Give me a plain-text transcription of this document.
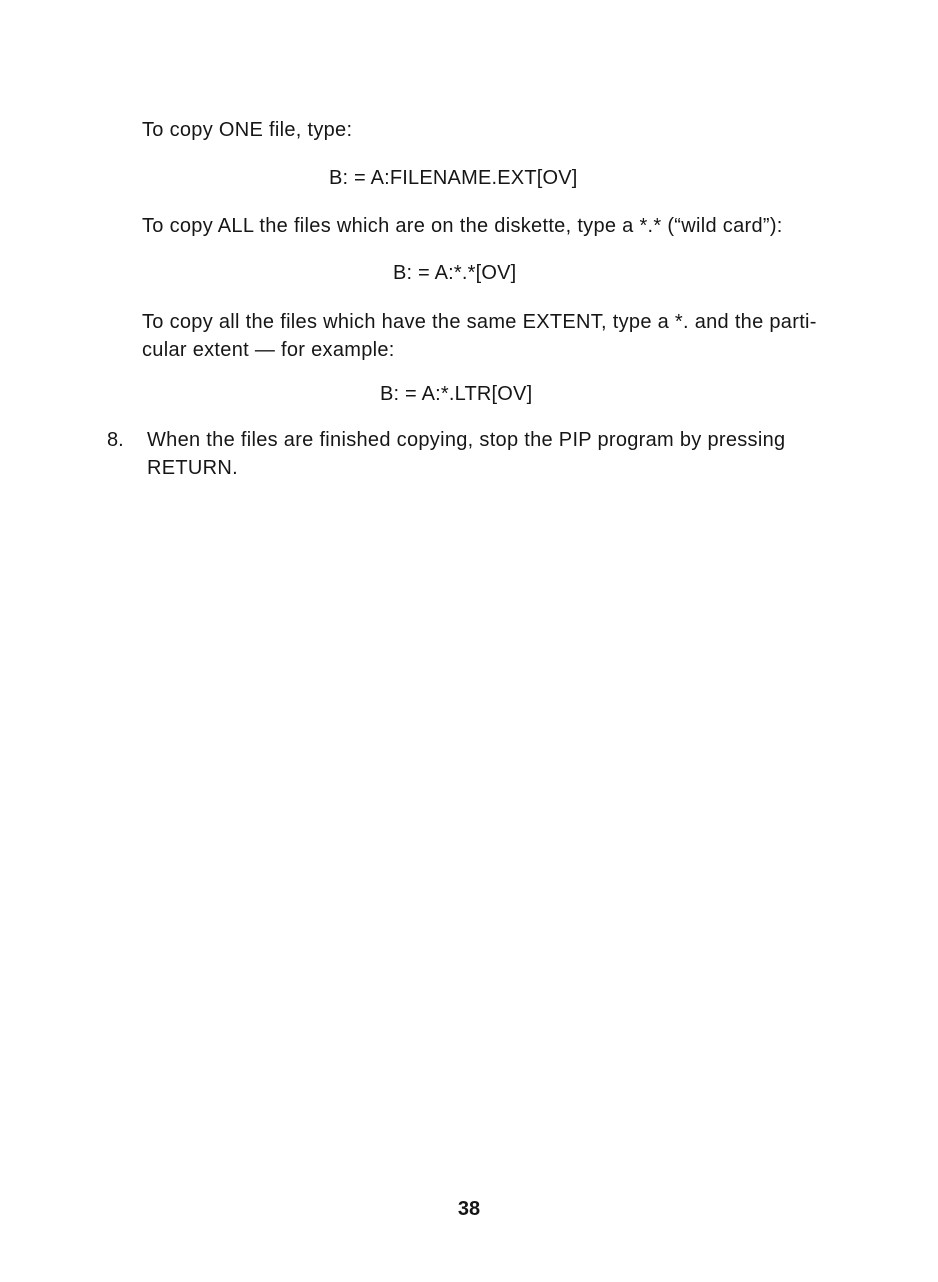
To copy ONE file, type:

B: = A:FILENAME.EXT[OV]

To copy ALL the files which are on the diskette, type a *.* (“wild card”):

B: = A:*.*[OV]

To copy all the files which have the same EXTENT, type a *. and the parti-

cular extent — for example:

B: = A:*.LTR[OV]

8. When the files are finished copying, stop the PIP program by pressing
RETURN.
38
